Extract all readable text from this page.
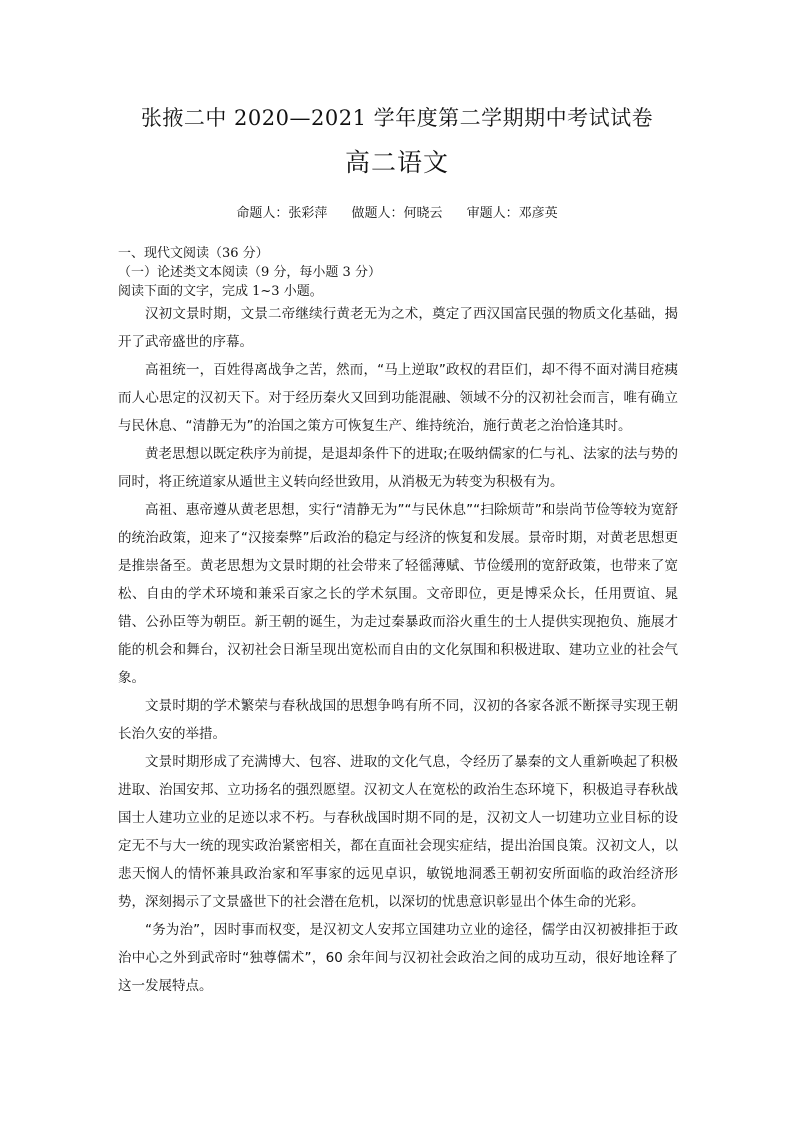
张掖二中 2020—2021 学年度第二学期期中考试试卷
高二语文
命题人：张彩萍 做题人：何晓云 审题人：邓彦英
一、现代文阅读（36 分）
（一）论述类文本阅读（9 分，每小题 3 分）
阅读下面的文字，完成 1~3 小题。

汉初文景时期，文景二帝继续行黄老无为之术，奠定了西汉国富民强的物质文化基础，揭开了武帝盛世的序幕。

高祖统一，百姓得离战争之苦，然而，“马上逆取”政权的君臣们，却不得不面对满目疮痍而人心思定的汉初天下。对于经历秦火又回到功能混融、领域不分的汉初社会而言，唯有确立与民休息、“清静无为”的治国之策方可恢复生产、维持统治，施行黄老之治恰逢其时。

黄老思想以既定秩序为前提，是退却条件下的进取;在吸纳儒家的仁与礼、法家的法与势的同时，将正统道家从遁世主义转向经世致用，从消极无为转变为积极有为。

高祖、惠帝遵从黄老思想，实行“清静无为”“与民休息”“扫除烦苛”和崇尚节俭等较为宽舒的统治政策，迎来了“汉接秦弊”后政治的稳定与经济的恢复和发展。景帝时期，对黄老思想更是推崇备至。黄老思想为文景时期的社会带来了轻徭薄赋、节俭缓刑的宽舒政策，也带来了宽松、自由的学术环境和兼采百家之长的学术氛围。文帝即位，更是博采众长，任用贾谊、晁错、公孙臣等为朝臣。新王朝的诞生，为走过秦暴政而浴火重生的士人提供实现抱负、施展才能的机会和舞台，汉初社会日渐呈现出宽松而自由的文化氛围和积极进取、建功立业的社会气象。

文景时期的学术繁荣与春秋战国的思想争鸣有所不同，汉初的各家各派不断探寻实现王朝长治久安的举措。

文景时期形成了充满博大、包容、进取的文化气息，令经历了暴秦的文人重新唤起了积极进取、治国安邦、立功扬名的强烈愿望。汉初文人在宽松的政治生态环境下，积极追寻春秋战国士人建功立业的足迹以求不朽。与春秋战国时期不同的是，汉初文人一切建功立业目标的设定无不与大一统的现实政治紧密相关，都在直面社会现实症结，提出治国良策。汉初文人，以悲天悯人的情怀兼具政治家和军事家的远见卓识，敏锐地洞悉王朝初安所面临的政治经济形势，深刻揭示了文景盛世下的社会潜在危机，以深切的忧患意识彰显出个体生命的光彩。

“务为治”，因时事而权变，是汉初文人安邦立国建功立业的途径，儒学由汉初被排拒于政治中心之外到武帝时“独尊儒术”，60 余年间与汉初社会政治之间的成功互动，很好地诠释了这一发展特点。
